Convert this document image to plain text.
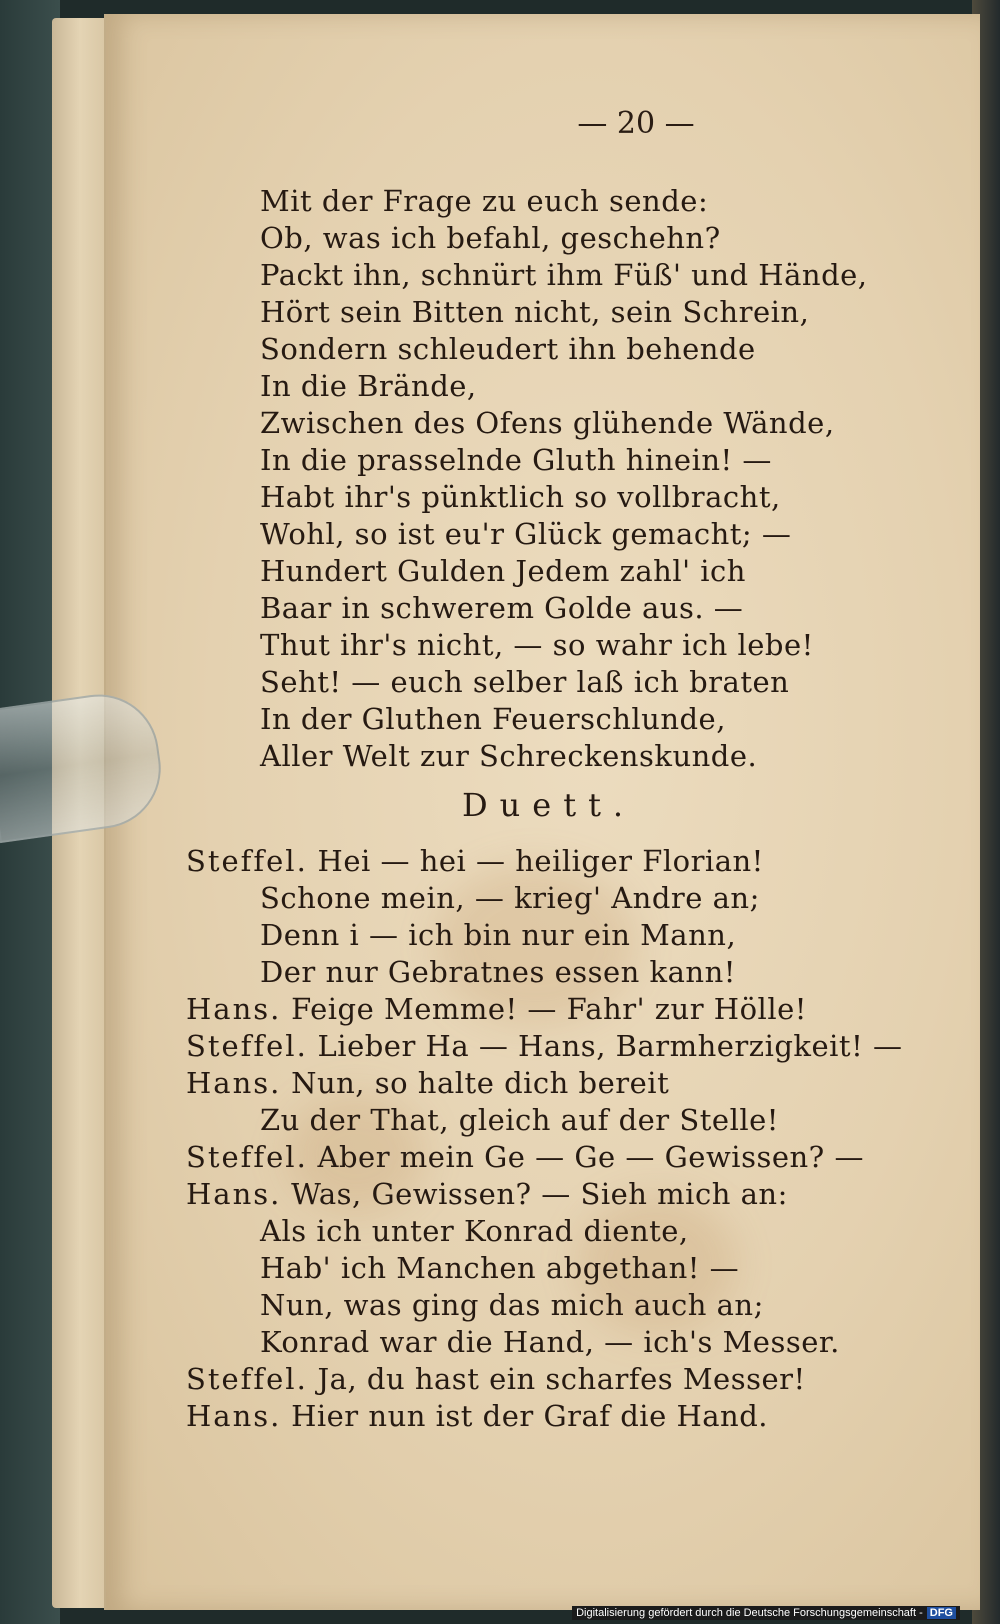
— 20 —
Mit der Frage zu euch sende:
Ob, was ich befahl, geschehn?
Packt ihn, schnürt ihm Füß' und Hände,
Hört sein Bitten nicht, sein Schrein,
Sondern schleudert ihn behende
In die Brände,
Zwischen des Ofens glühende Wände,
In die prasselnde Gluth hinein! —
Habt ihr's pünktlich so vollbracht,
Wohl, so ist eu'r Glück gemacht; —
Hundert Gulden Jedem zahl' ich
Baar in schwerem Golde aus. —
Thut ihr's nicht, — so wahr ich lebe!
Seht! — euch selber laß ich braten
In der Gluthen Feuerschlunde,
Aller Welt zur Schreckenskunde.
Duett.
Steffel. Hei — hei — heiliger Florian!
Schone mein, — krieg' Andre an;
Denn i — ich bin nur ein Mann,
Der nur Gebratnes essen kann!
Hans. Feige Memme! — Fahr' zur Hölle!
Steffel. Lieber Ha — Hans, Barmherzigkeit! —
Hans. Nun, so halte dich bereit
Zu der That, gleich auf der Stelle!
Steffel. Aber mein Ge — Ge — Gewissen? —
Hans. Was, Gewissen? — Sieh mich an:
Als ich unter Konrad diente,
Hab' ich Manchen abgethan! —
Nun, was ging das mich auch an;
Konrad war die Hand, — ich's Messer.
Steffel. Ja, du hast ein scharfes Messer!
Hans. Hier nun ist der Graf die Hand.
Digitalisierung gefördert durch die Deutsche Forschungsgemeinschaft - DFG
